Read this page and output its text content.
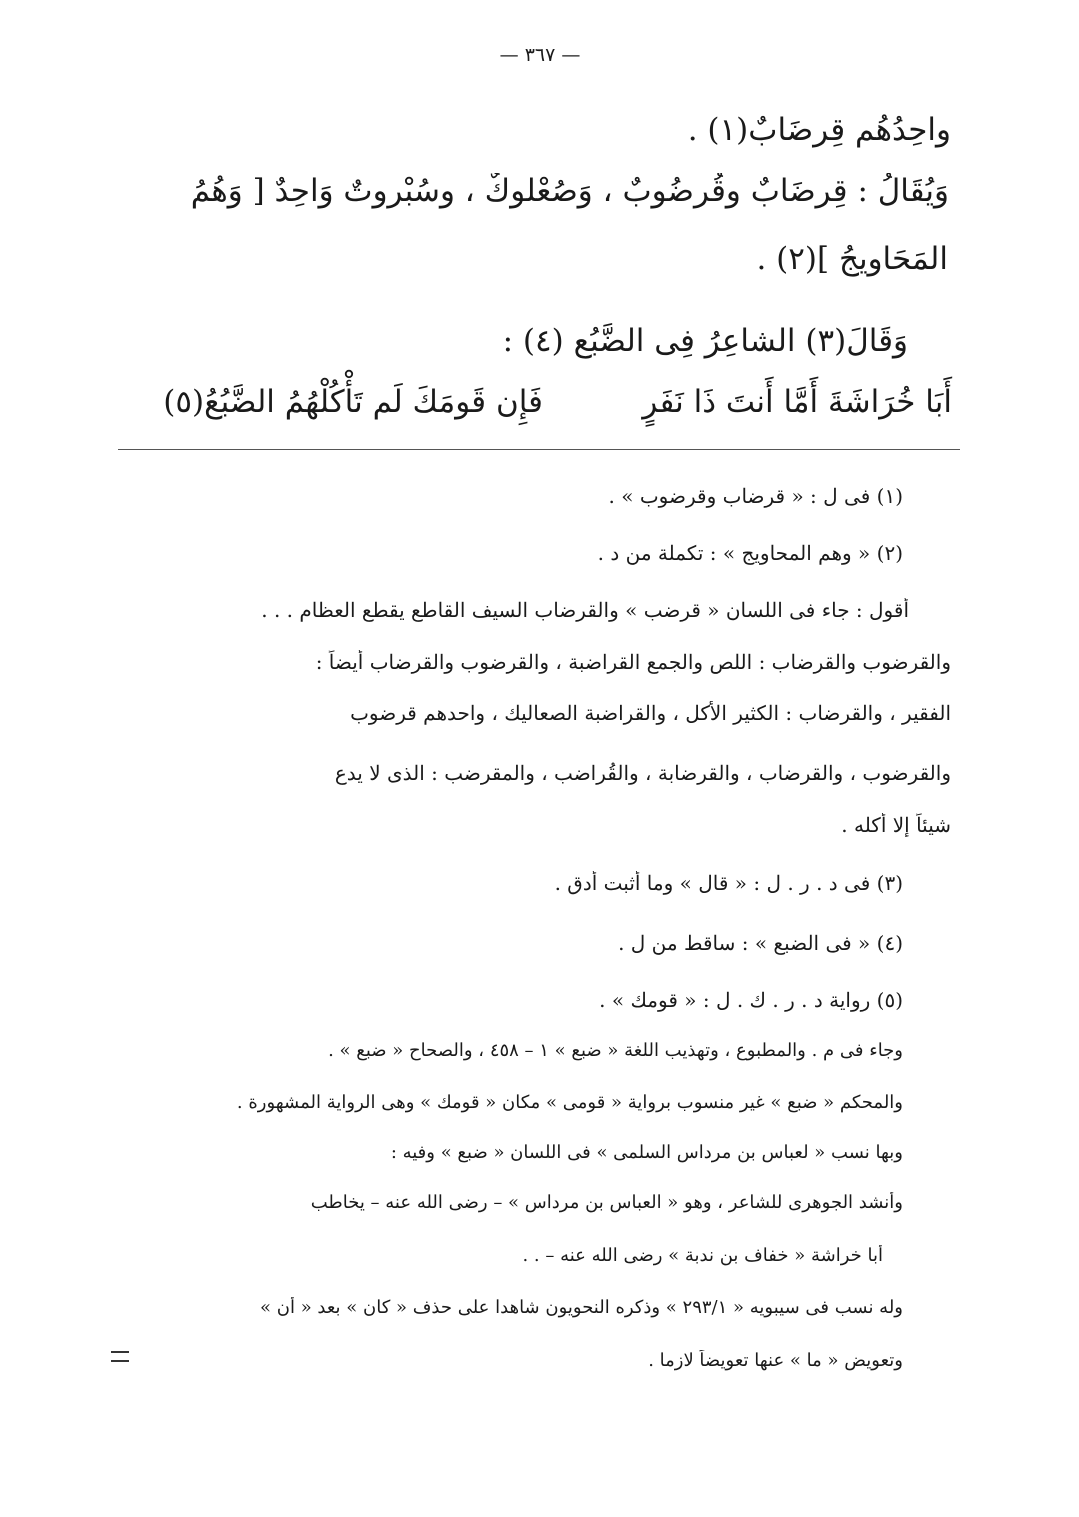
— ٣٦٧ —
واحِدُهُم قِرضَابٌ(١) .
وَيُقَالُ : قِرضَابٌ وقُرضُوبٌ ، وَصُعْلوكٌ ، وسُبْروتٌ وَاحِدٌ [ وَهُمُ
المَحَاوِيجُ ](٢) .
وَقَالَ(٣) الشاعِرُ فِى الضَّبُعِ (٤) :
أَبَا خُرَاشَةَ أَمَّا أَنتَ ذَا نَفَرٍ
فَإِن قَومَكَ لَم تَأْكُلْهُمُ الضَّبُعُ(٥)
(١) فى ل : « قرضاب وقرضوب » .
(٢) « وهم المحاويج » : تكملة من د .
أقول : جاء فى اللسان « قرضب » والقرضاب السيف القاطع يقطع العظام . . .
والقرضوب والقرضاب : اللص والجمع القراضبة ، والقرضوب والقرضاب أيضاً :
الفقير ، والقرضاب : الكثير الأكل ، والقراضبة الصعاليك ، واحدهم قرضوب
والقرضوب ، والقرضاب ، والقرضابة ، والقُراضب ، والمقرضب : الذى لا يدع
شيئاً إلا أكله .
(٣) فى د . ر . ل : « قال » وما أثبت أدق .
(٤) « فى الضبع » : ساقط من ل .
(٥) رواية د . ر . ك . ل : « قومك » .
وجاء فى م . والمطبوع ، وتهذيب اللغة « ضبع » ١ – ٤٥٨ ، والصحاح « ضبع » .
والمحكم « ضبع » غير منسوب برواية « قومى » مكان « قومك » وهى الرواية المشهورة .
وبها نسب « لعباس بن مرداس السلمى » فى اللسان « ضبع » وفيه :
وأنشد الجوهرى للشاعر ، وهو « العباس بن مرداس » – رضى الله عنه – يخاطب
أبا خراشة « خفاف بن ندبة » رضى الله عنه – . .
وله نسب فى سيبويه « ٢٩٣/١ » وذكره النحويون شاهدا على حذف « كان » بعد « أن »
وتعويض « ما » عنها تعويضاً لازما .
